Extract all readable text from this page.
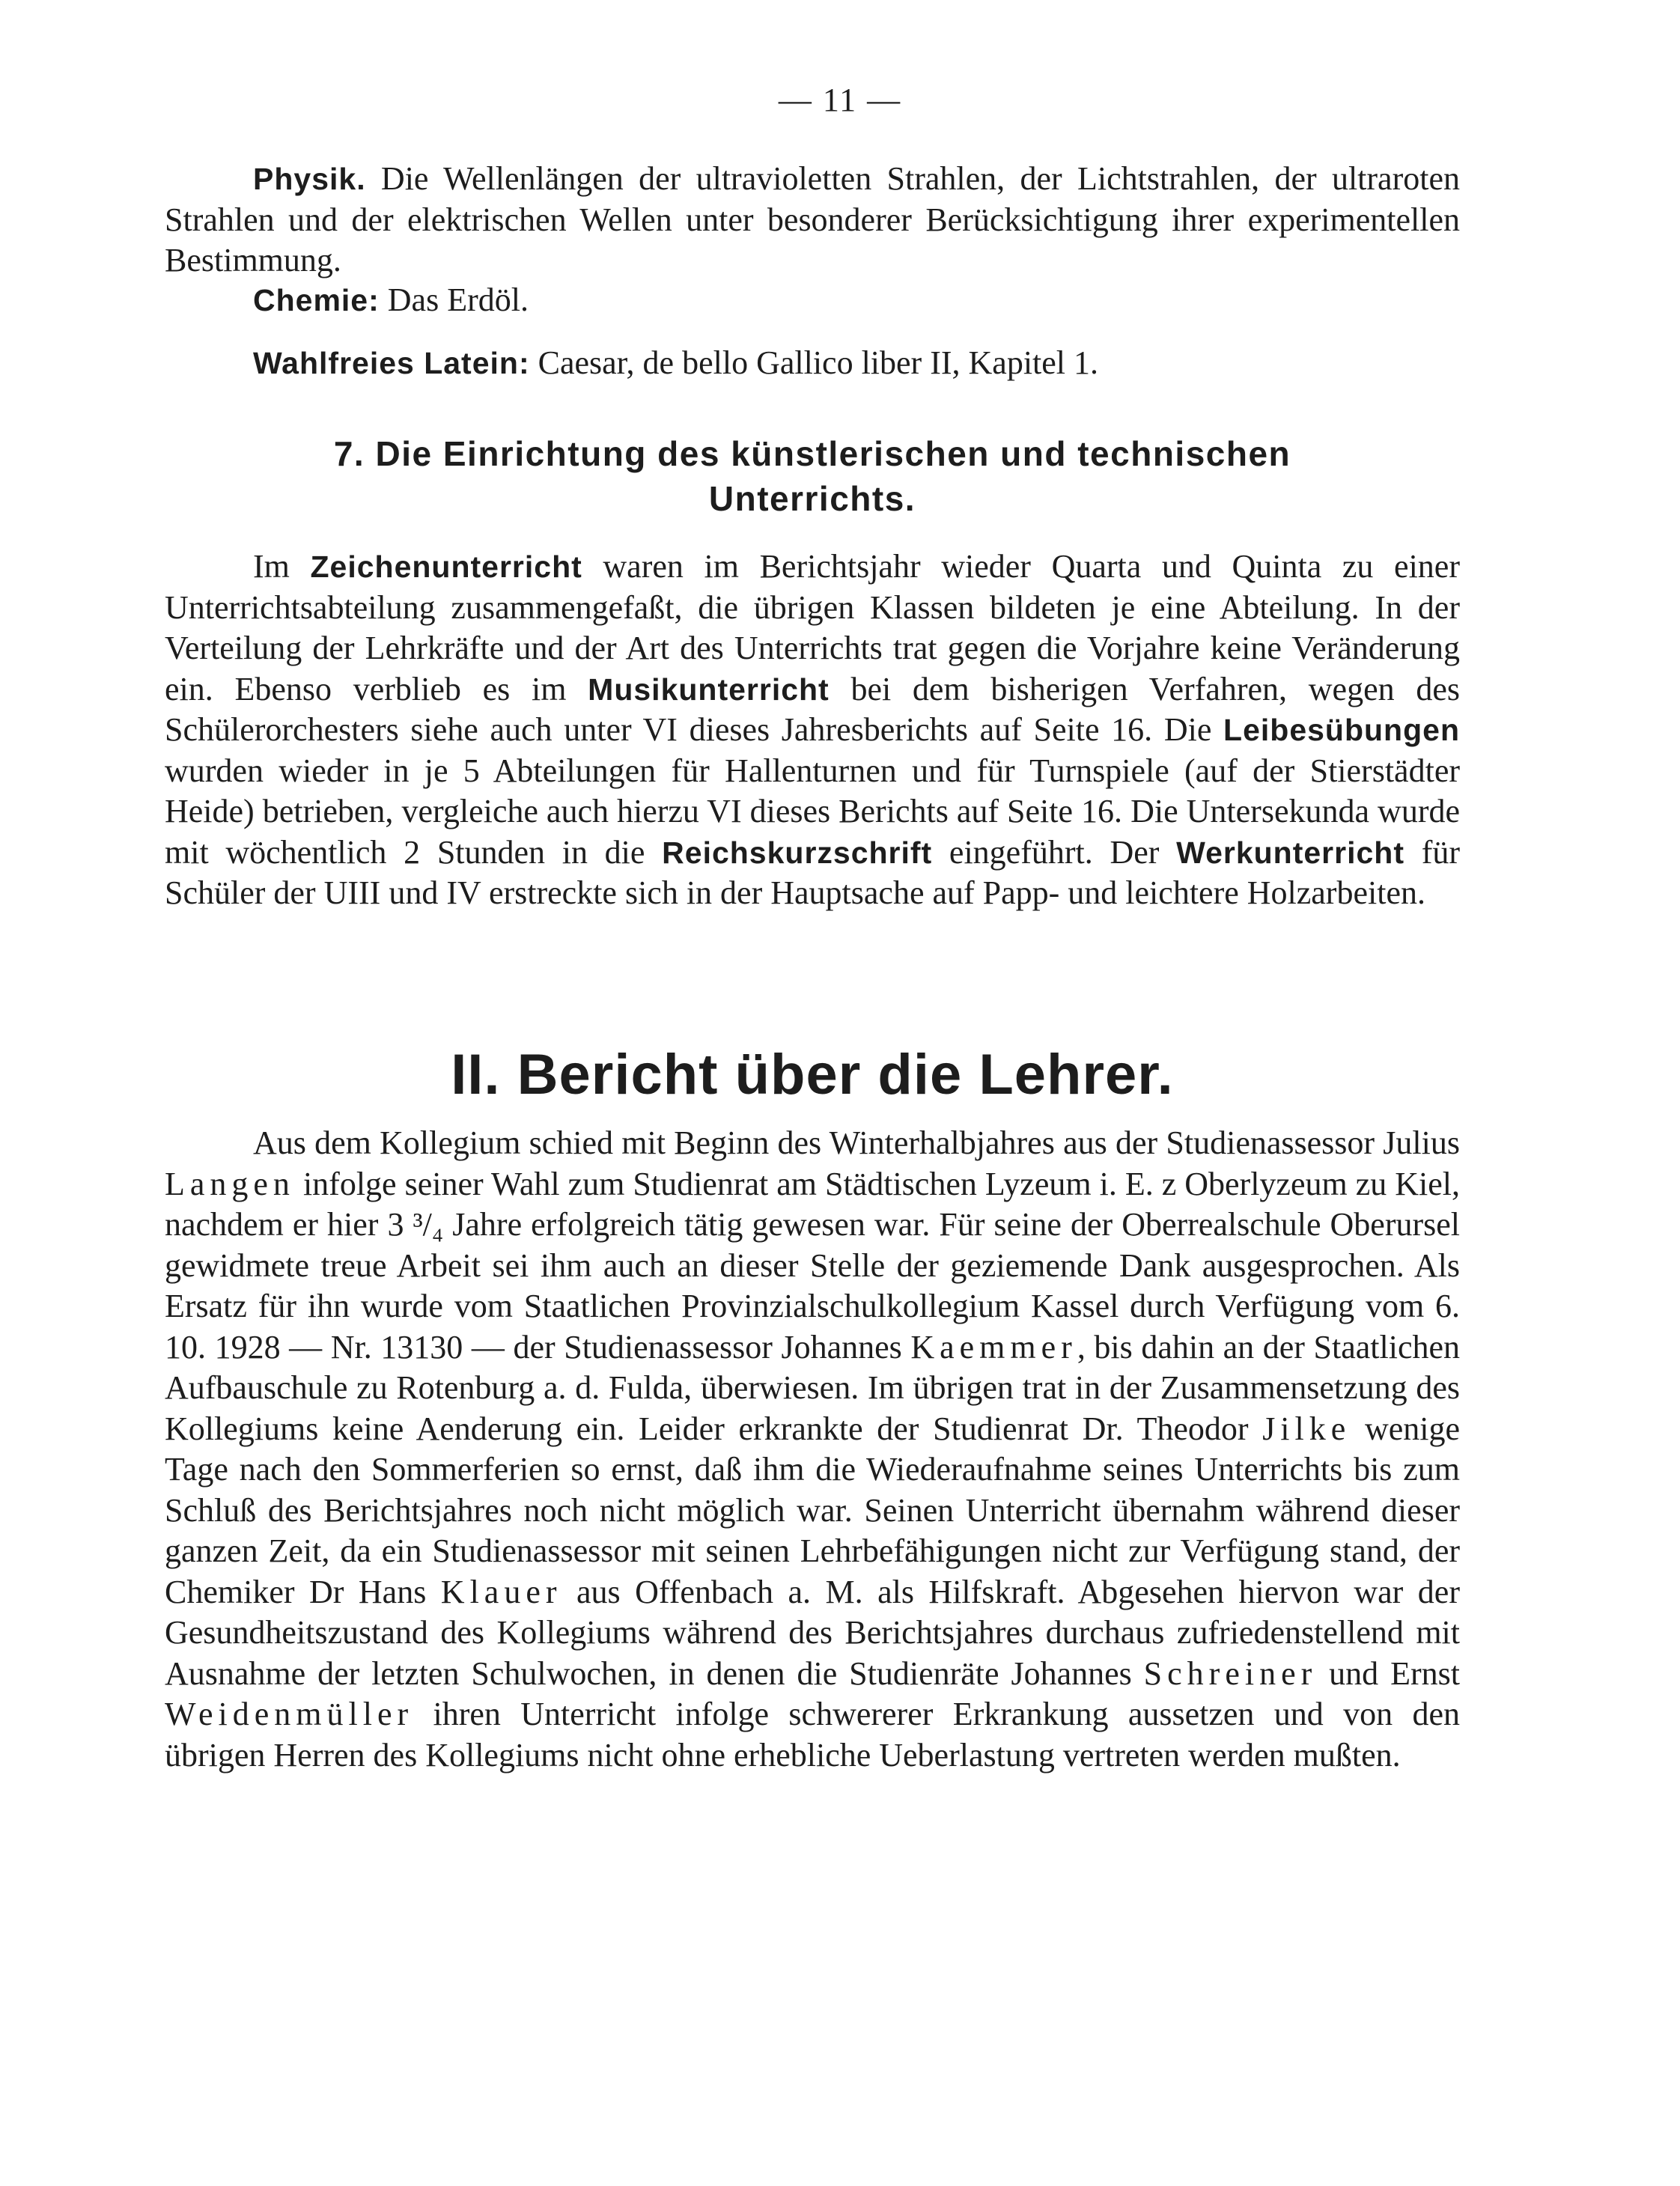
— 11 —

Physik. Die Wellenlängen der ultravioletten Strahlen, der Lichtstrahlen, der ultraroten Strahlen und der elektrischen Wellen unter besonderer Berücksichtigung ihrer experimentellen Bestimmung.

Chemie: Das Erdöl.

Wahlfreies Latein: Caesar, de bello Gallico liber II, Kapitel 1.

7. Die Einrichtung des künstlerischen und technischen
Unterrichts.

Im Zeichenunterricht waren im Berichtsjahr wieder Quarta und Quinta zu einer Unterrichtsabteilung zusammengefaßt, die übrigen Klassen bildeten je eine Abteilung. In der Verteilung der Lehrkräfte und der Art des Unterrichts trat gegen die Vorjahre keine Veränderung ein. Ebenso verblieb es im Musikunterricht bei dem bisherigen Verfahren, wegen des Schülerorchesters siehe auch unter VI dieses Jahresberichts auf Seite 16. Die Leibesübungen wurden wieder in je 5 Abteilungen für Hallenturnen und für Turnspiele (auf der Stierstädter Heide) betrieben, vergleiche auch hierzu VI dieses Berichts auf Seite 16. Die Untersekunda wurde mit wöchentlich 2 Stunden in die Reichskurzschrift eingeführt. Der Werkunterricht für Schüler der UIII und IV erstreckte sich in der Hauptsache auf Papp- und leichtere Holzarbeiten.

II. Bericht über die Lehrer.

Aus dem Kollegium schied mit Beginn des Winterhalbjahres aus der Studienassessor Julius Langen infolge seiner Wahl zum Studienrat am Städtischen Lyzeum i. E. z Oberlyzeum zu Kiel, nachdem er hier 3 ³/₄ Jahre erfolgreich tätig gewesen war. Für seine der Oberrealschule Oberursel gewidmete treue Arbeit sei ihm auch an dieser Stelle der geziemende Dank ausgesprochen. Als Ersatz für ihn wurde vom Staatlichen Provinzialschulkollegium Kassel durch Verfügung vom 6. 10. 1928 — Nr. 13130 — der Studienassessor Johannes Kaemmer, bis dahin an der Staatlichen Aufbauschule zu Rotenburg a. d. Fulda, überwiesen. Im übrigen trat in der Zusammensetzung des Kollegiums keine Aenderung ein. Leider erkrankte der Studienrat Dr. Theodor Jilke wenige Tage nach den Sommerferien so ernst, daß ihm die Wiederaufnahme seines Unterrichts bis zum Schluß des Berichtsjahres noch nicht möglich war. Seinen Unterricht übernahm während dieser ganzen Zeit, da ein Studienassessor mit seinen Lehrbefähigungen nicht zur Verfügung stand, der Chemiker Dr Hans Klauer aus Offenbach a. M. als Hilfskraft. Abgesehen hiervon war der Gesundheitszustand des Kollegiums während des Berichtsjahres durchaus zufriedenstellend mit Ausnahme der letzten Schulwochen, in denen die Studienräte Johannes Schreiner und Ernst Weidenmüller ihren Unterricht infolge schwererer Erkrankung aussetzen und von den übrigen Herren des Kollegiums nicht ohne erhebliche Ueberlastung vertreten werden mußten.
